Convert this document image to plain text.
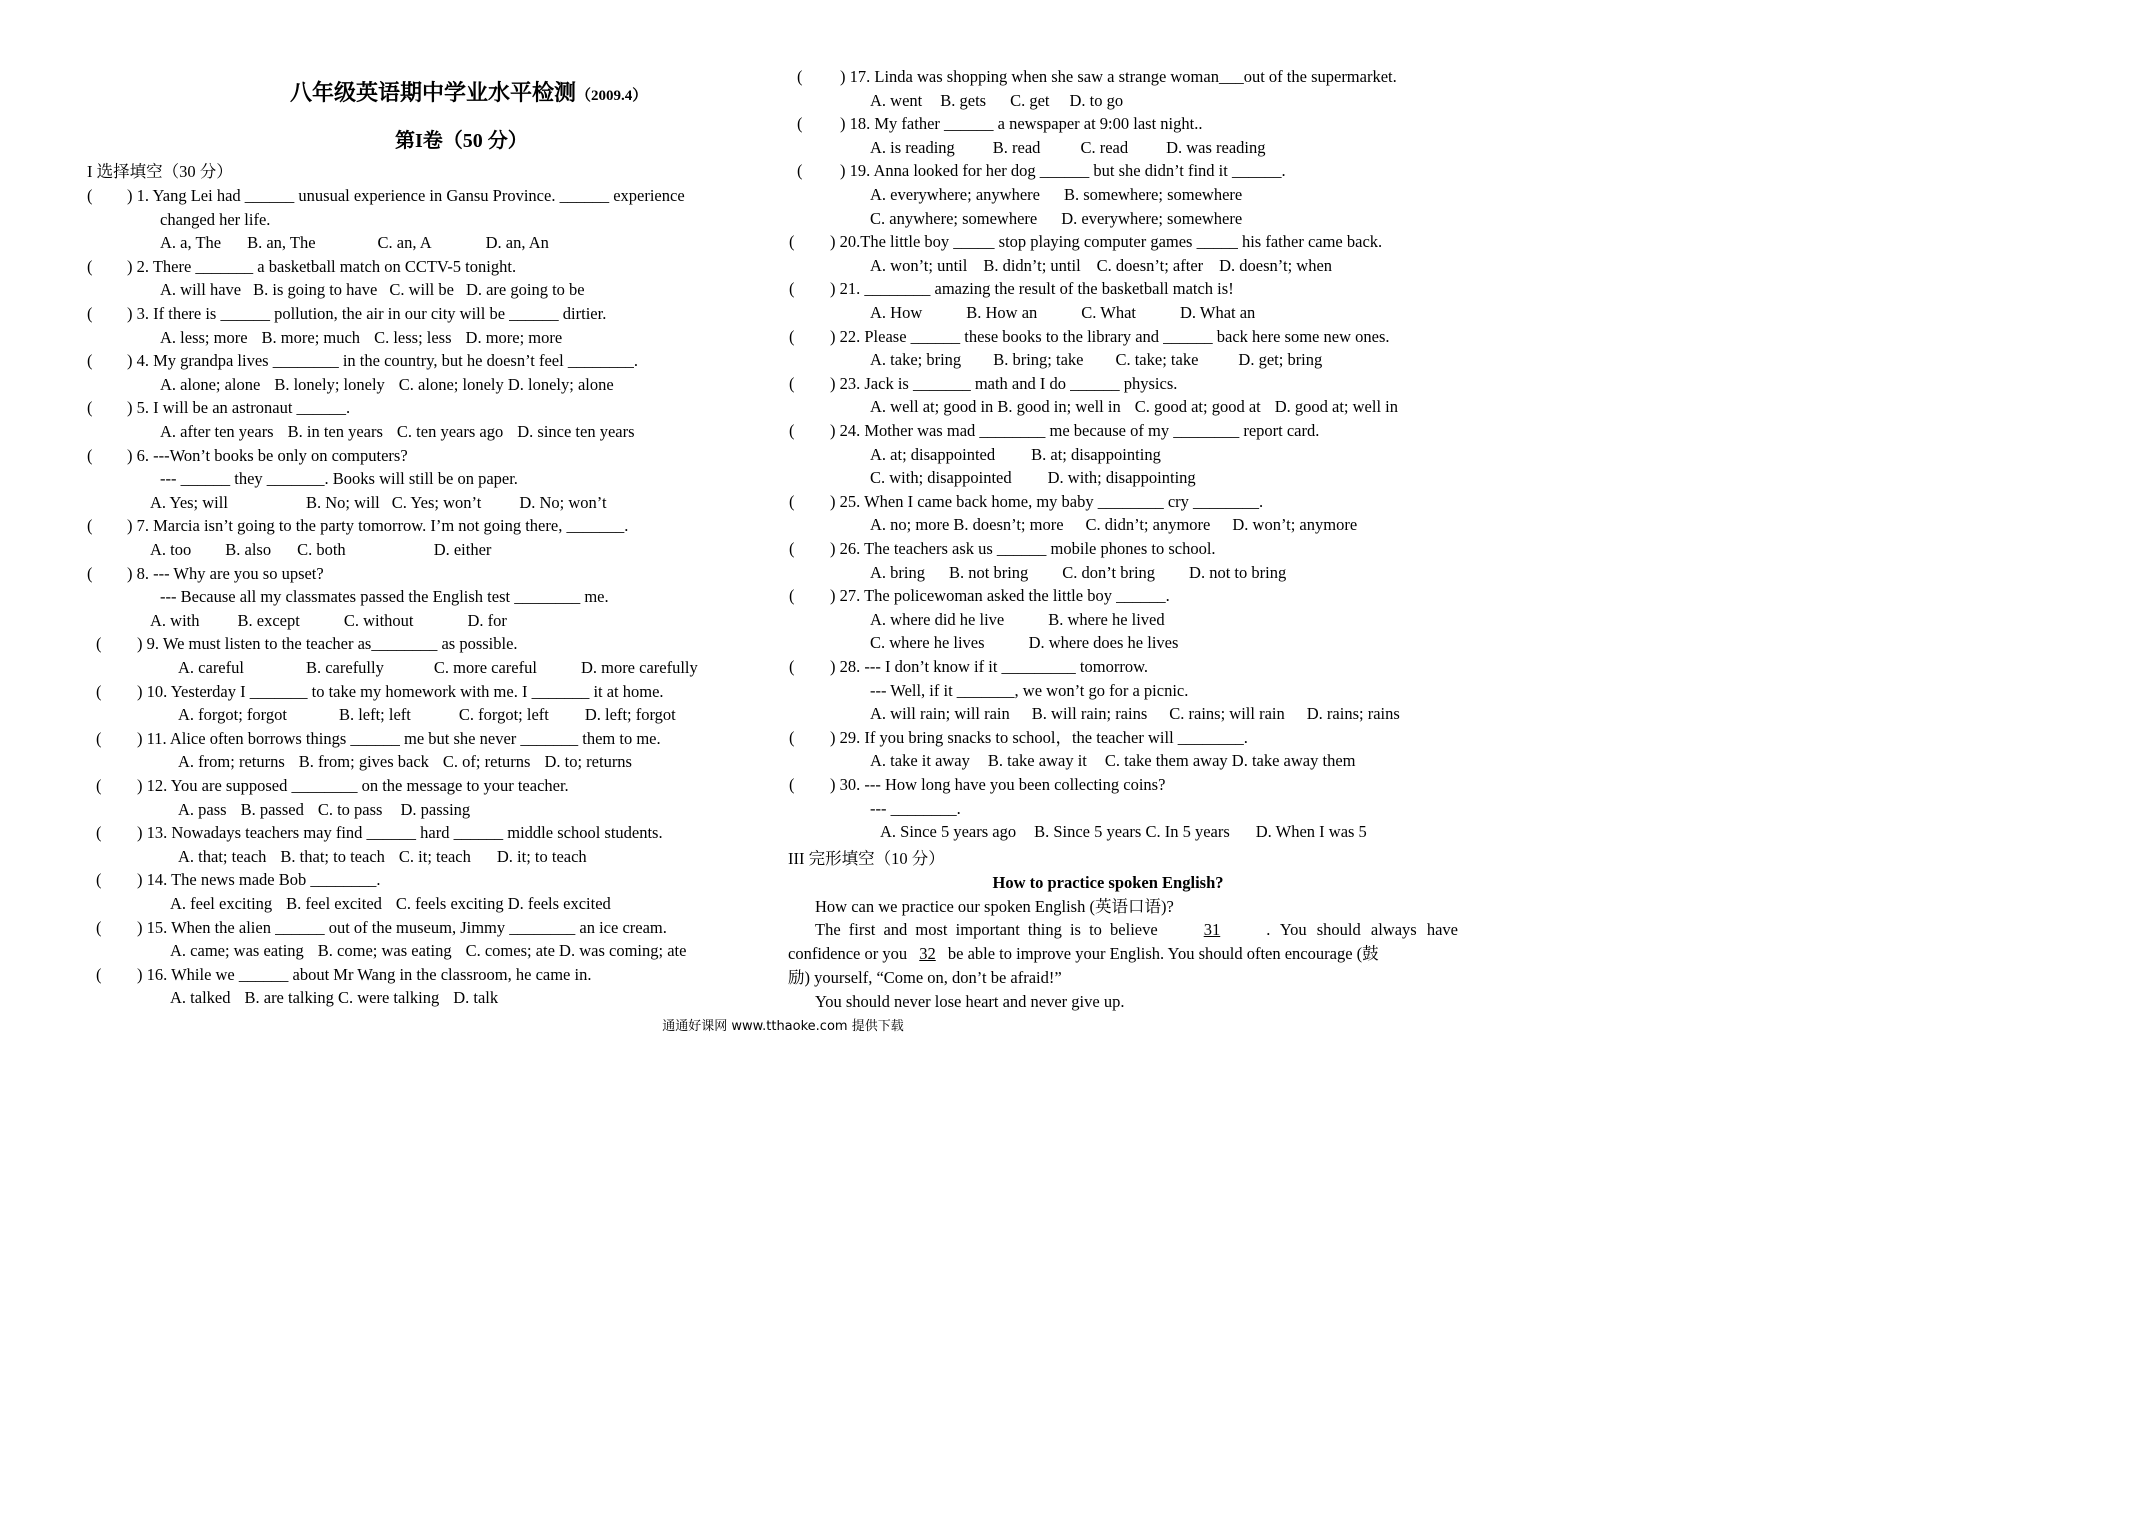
八年级英语期中学业水平检测（2009.4）
第I卷（50 分）
I 选择填空（30 分）
( ) 1. Yang Lei had ______ unusual experience in Gansu Province. ______ experience
changed her life.
A. a, The B. an, The	C. an, A	D. an, An
( ) 2. There _______ a basketball match on CCTV-5 tonight.
A. will have B. is going to have C. will be D. are going to be
( ) 3. If there is ______ pollution, the air in our city will be ______ dirtier.
A. less; more B. more; much C. less; less D. more; more
( ) 4. My grandpa lives ________ in the country, but he doesn’t feel ________.
A. alone; alone B. lonely; lonely C. alone; lonely D. lonely; alone
( ) 5. I will be an astronaut ______.
A. after ten years B. in ten years C. ten years ago D. since ten years
( ) 6. ---Won’t books be only on computers?
--- ______ they _______. Books will still be on paper.
A. Yes; will	B. No; will C. Yes; won’t D. No; won’t
( ) 7. Marcia isn’t going to the party tomorrow. I’m not going there, _______.
A. too B. also C. both	D. either
( ) 8. --- Why are you so upset?
--- Because all my classmates passed the English test ________ me.
A. with B. except	C. without	D. for
( ) 9. We must listen to the teacher as________ as possible.
A. careful	B. carefully	C. more careful	D. more carefully
( ) 10. Yesterday I _______ to take my homework with me. I _______ it at home.
A. forgot; forgot	B. left; left	C. forgot; left D. left; forgot
( ) 11. Alice often borrows things ______ me but she never _______ them to me.
A. from; returns B. from; gives back C. of; returns D. to; returns
( ) 12. You are supposed ________ on the message to your teacher.
A. pass B. passed C. to pass D. passing
( ) 13. Nowadays teachers may find ______ hard ______ middle school students.
A. that; teach B. that; to teach C. it; teach D. it; to teach
( ) 14. The news made Bob ________.
A. feel exciting B. feel excited C. feels exciting D. feels excited
( ) 15. When the alien ______ out of the museum, Jimmy ________ an ice cream.
A. came; was eating B. come; was eating C. comes; ate D. was coming; ate
( ) 16. While we ______ about Mr Wang in the classroom, he came in.
A. talked B. are talking C. were talking D. talk
( ) 17. Linda was shopping when she saw a strange woman___out of the supermarket.
A. went B. gets C. get D. to go
( ) 18. My father ______ a newspaper at 9:00 last night..
A. is reading B. read C. read D. was reading
( ) 19. Anna looked for her dog ______ but she didn’t find it ______.
A. everywhere; anywhere B. somewhere; somewhere
C. anywhere; somewhere D. everywhere; somewhere
( ) 20.The little boy _____ stop playing computer games _____ his father came back.
A. won’t; until B. didn’t; until C. doesn’t; after D. doesn’t; when
( ) 21. ________ amazing the result of the basketball match is!
A. How	B. How an	C. What	D. What an
( ) 22. Please ______ these books to the library and ______ back here some new ones.
A. take; bring B. bring; take C. take; take D. get; bring
( ) 23. Jack is _______ math and I do ______ physics.
A. well at; good in B. good in; well in C. good at; good at D. good at; well in
( ) 24. Mother was mad ________ me because of my ________ report card.
A. at; disappointed B. at; disappointing
C. with; disappointed D. with; disappointing
( ) 25. When I came back home, my baby ________ cry ________.
A. no; more B. doesn’t; more C. didn’t; anymore D. won’t; anymore
( ) 26. The teachers ask us ______ mobile phones to school.
A. bring B. not bring C. don’t bring D. not to bring
( ) 27. The policewoman asked the little boy ______.
A. where did he live	B. where he lived
C. where he lives	D. where does he lives
( ) 28. --- I don’t know if it _________ tomorrow.
--- Well, if it _______, we won’t go for a picnic.
A. will rain; will rain B. will rain; rains C. rains; will rain D. rains; rains
( ) 29. If you bring snacks to school，the teacher will ________.
A. take it away B. take away it C. take them away D. take away them
( ) 30. --- How long have you been collecting coins?
--- ________.
A. Since 5 years ago B. Since 5 years C. In 5 years D. When I was 5
III 完形填空（10 分）
How to practice spoken English?
How can we practice our spoken English (英语口语)?
The first and most important thing is to believe	31	. You should always have
confidence or you 32 be able to improve your English. You should often encourage (鼓
励) yourself, “Come on, don’t be afraid!”
You should never lose heart and never give up.
通通好课网 www.tthaoke.com 提供下载
